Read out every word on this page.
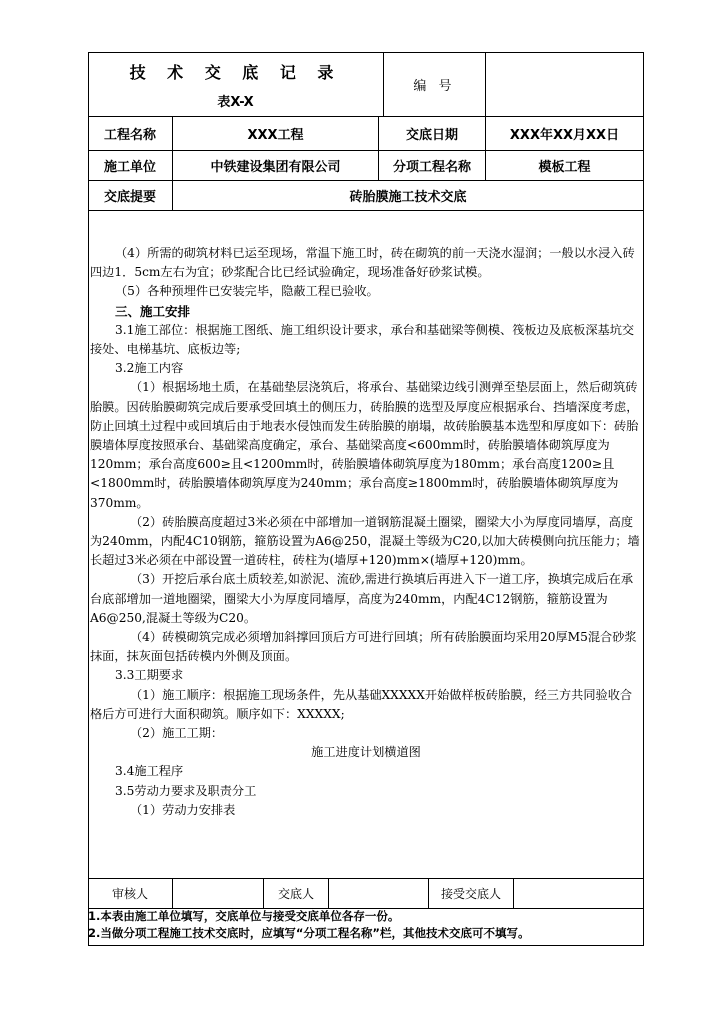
技 术 交 底 记 录
表X-X
编 号
工程名称	XXX工程	交底日期	XXX年XX月XX日
施工单位	中铁建设集团有限公司	分项工程名称	模板工程
交底提要	砖胎膜施工技术交底

（4）所需的砌筑材料已运至现场，常温下施工时，砖在砌筑的前一天浇水湿润；一般以水浸入砖四边1．5cm左右为宜；砂浆配合比已经试验确定，现场准备好砂浆试模。

（5）各种预埋件已安装完毕，隐蔽工程已验收。

三、施工安排

3.1施工部位：根据施工图纸、施工组织设计要求，承台和基础梁等侧模、筏板边及底板深基坑交接处、电梯基坑、底板边等;

3.2施工内容

（1）根据场地土质，在基础垫层浇筑后，将承台、基础梁边线引测弹至垫层面上，然后砌筑砖胎膜。因砖胎膜砌筑完成后要承受回填土的侧压力，砖胎膜的选型及厚度应根据承台、挡墙深度考虑，防止回填土过程中或回填后由于地表水侵蚀而发生砖胎膜的崩塌，故砖胎膜基本选型和厚度如下：砖胎膜墙体厚度按照承台、基础梁高度确定，承台、基础梁高度<600mm时，砖胎膜墙体砌筑厚度为120mm；承台高度600≥且<1200mm时，砖胎膜墙体砌筑厚度为180mm；承台高度1200≥且<1800mm时，砖胎膜墙体砌筑厚度为240mm；承台高度≥1800mm时，砖胎膜墙体砌筑厚度为370mm。

（2）砖胎膜高度超过3米必须在中部增加一道钢筋混凝土圈梁，圈梁大小为厚度同墙厚，高度为240mm，内配4C10钢筋，箍筋设置为A6@250，混凝土等级为C20,以加大砖模侧向抗压能力；墙长超过3米必须在中部设置一道砖柱，砖柱为(墙厚+120)mm×(墙厚+120)mm。

（3）开挖后承台底土质较差,如淤泥、流砂,需进行换填后再进入下一道工序，换填完成后在承台底部增加一道地圈梁，圈梁大小为厚度同墙厚，高度为240mm，内配4C12钢筋，箍筋设置为A6@250,混凝土等级为C20。

（4）砖模砌筑完成必须增加斜撑回顶后方可进行回填；所有砖胎膜面均采用20厚M5混合砂浆抹面，抹灰面包括砖模内外侧及顶面。

3.3工期要求

（1）施工顺序：根据施工现场条件，先从基础XXXXX开始做样板砖胎膜，经三方共同验收合格后方可进行大面积砌筑。顺序如下：XXXXX;

（2）施工工期：

施工进度计划横道图

3.4施工程序

3.5劳动力要求及职责分工

（1）劳动力安排表

审核人	交底人	接受交底人

1.本表由施工单位填写，交底单位与接受交底单位各存一份。

2.当做分项工程施工技术交底时，应填写“分项工程名称”栏，其他技术交底可不填写。
